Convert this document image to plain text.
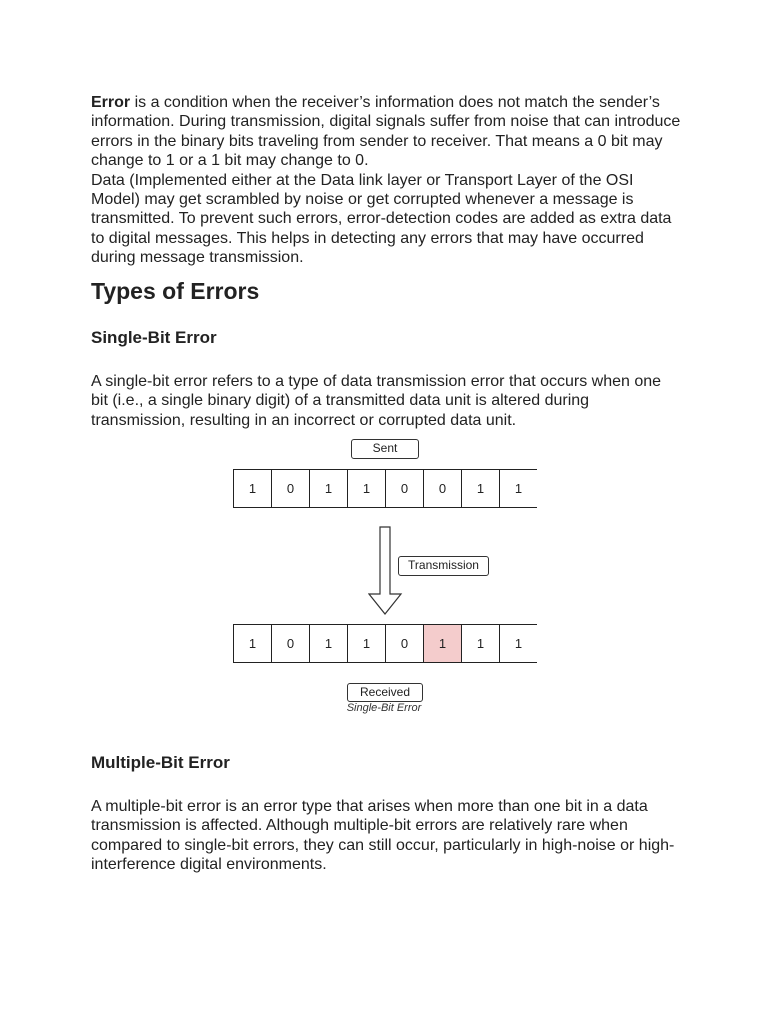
Error is a condition when the receiver’s information does not match the sender’s information. During transmission, digital signals suffer from noise that can introduce errors in the binary bits traveling from sender to receiver. That means a 0 bit may change to 1 or a 1 bit may change to 0.

Data (Implemented either at the Data link layer or Transport Layer of the OSI Model) may get scrambled by noise or get corrupted whenever a message is transmitted. To prevent such errors, error-detection codes are added as extra data to digital messages. This helps in detecting any errors that may have occurred during message transmission.

Types of Errors
Single-Bit Error

A single-bit error refers to a type of data transmission error that occurs when one bit (i.e., a single binary digit) of a transmitted data unit is altered during transmission, resulting in an incorrect or corrupted data unit.

Multiple-Bit Error

A multiple-bit error is an error type that arises when more than one bit in a data transmission is affected. Although multiple-bit errors are relatively rare when compared to single-bit errors, they can still occur, particularly in high-noise or high-interference digital environments.

Sent
1	0	1	1	0	0	1	1
Transmission
1	0	1	1	0	1	1	1
Received
Single-Bit Error
